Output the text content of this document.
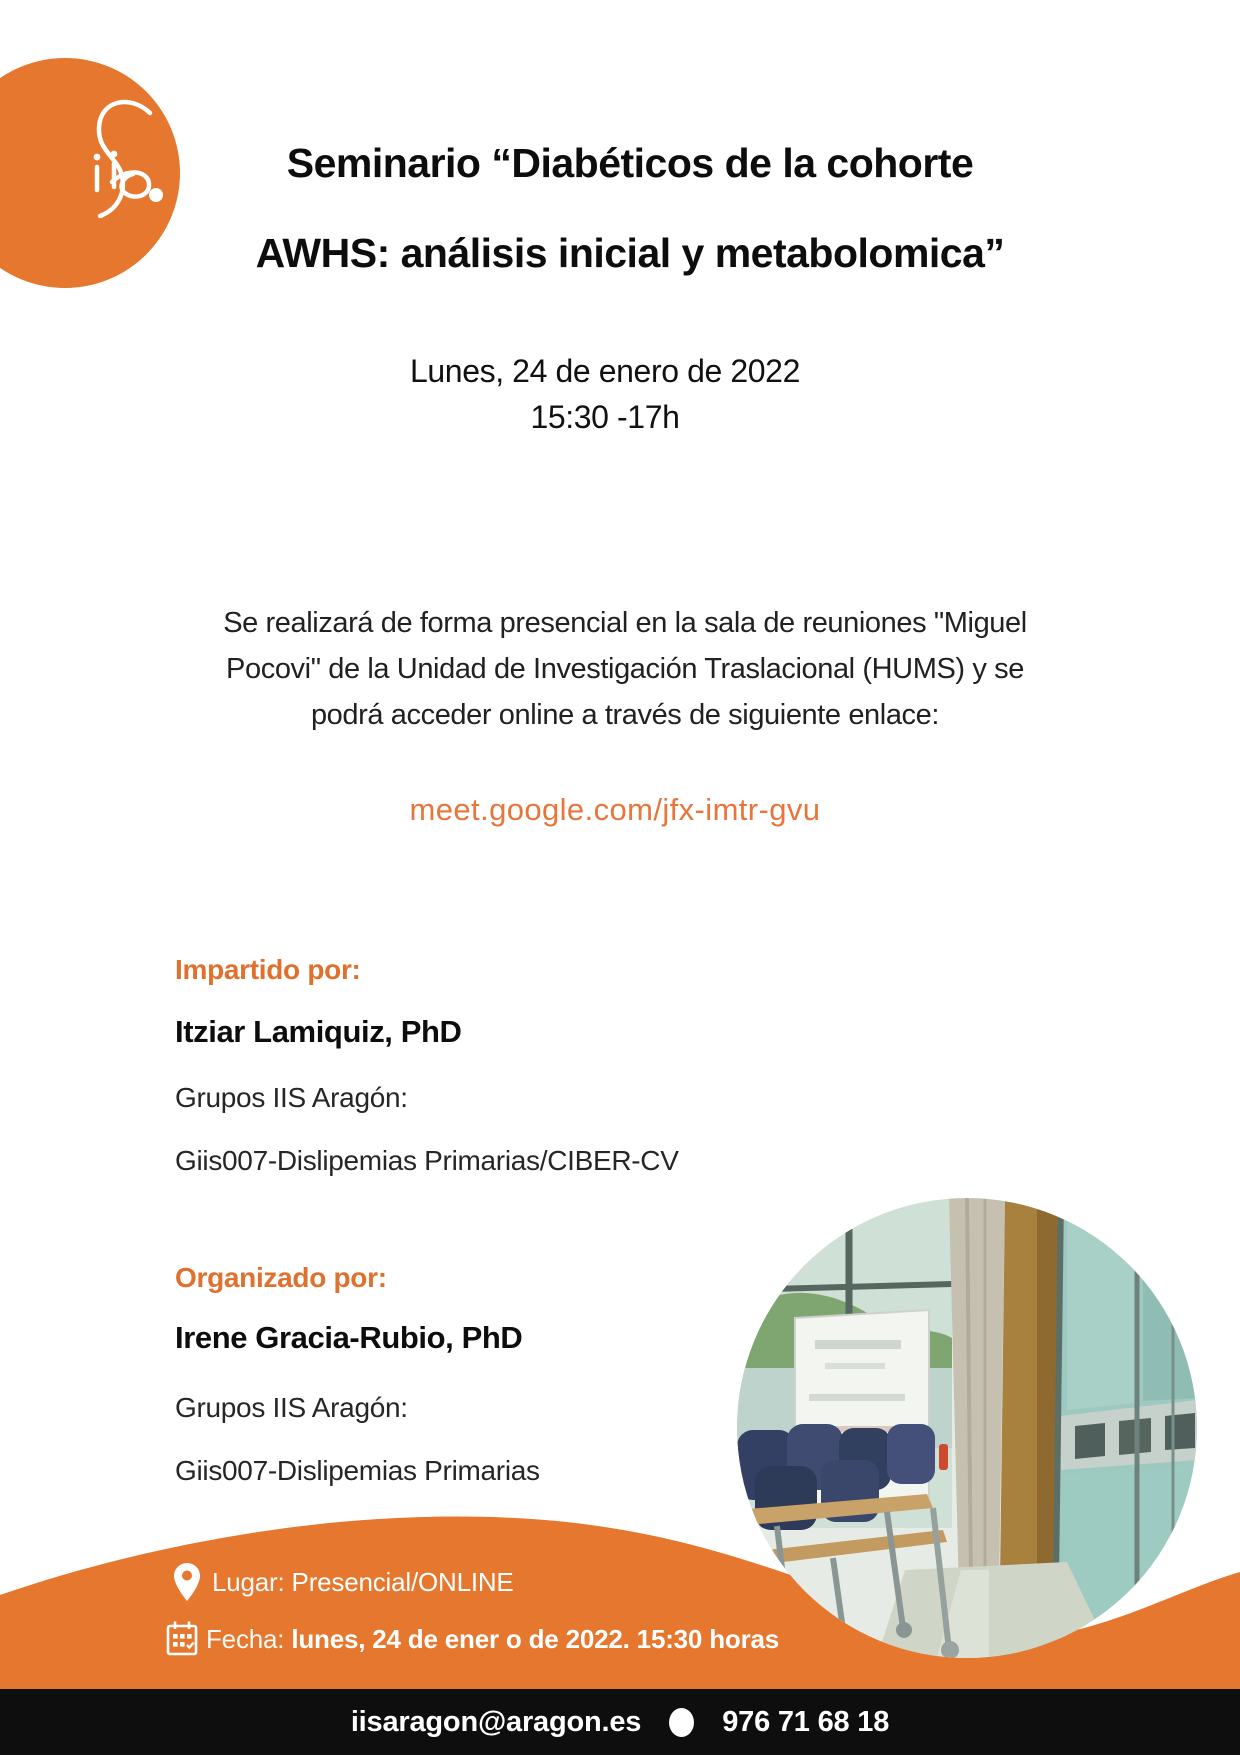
Seminario “Diabéticos de la cohorte
AWHS: análisis inicial y metabolomica”
Lunes, 24 de enero de 2022
15:30 -17h
Se realizará de forma presencial en la sala de reuniones "Miguel
Pocovi" de la Unidad de Investigación Traslacional (HUMS) y se
podrá acceder online a través de siguiente enlace:
meet.google.com/jfx-imtr-gvu
Impartido por:
Itziar Lamiquiz, PhD
Grupos IIS Aragón:
Giis007-Dislipemias Primarias/CIBER-CV
Organizado por:
Irene Gracia-Rubio, PhD
Grupos IIS Aragón:
Giis007-Dislipemias Primarias
Lugar: Presencial/ONLINE
Fecha: lunes, 24 de ener o de 2022. 15:30 horas
iisaragon@aragon.es	976 71 68 18
